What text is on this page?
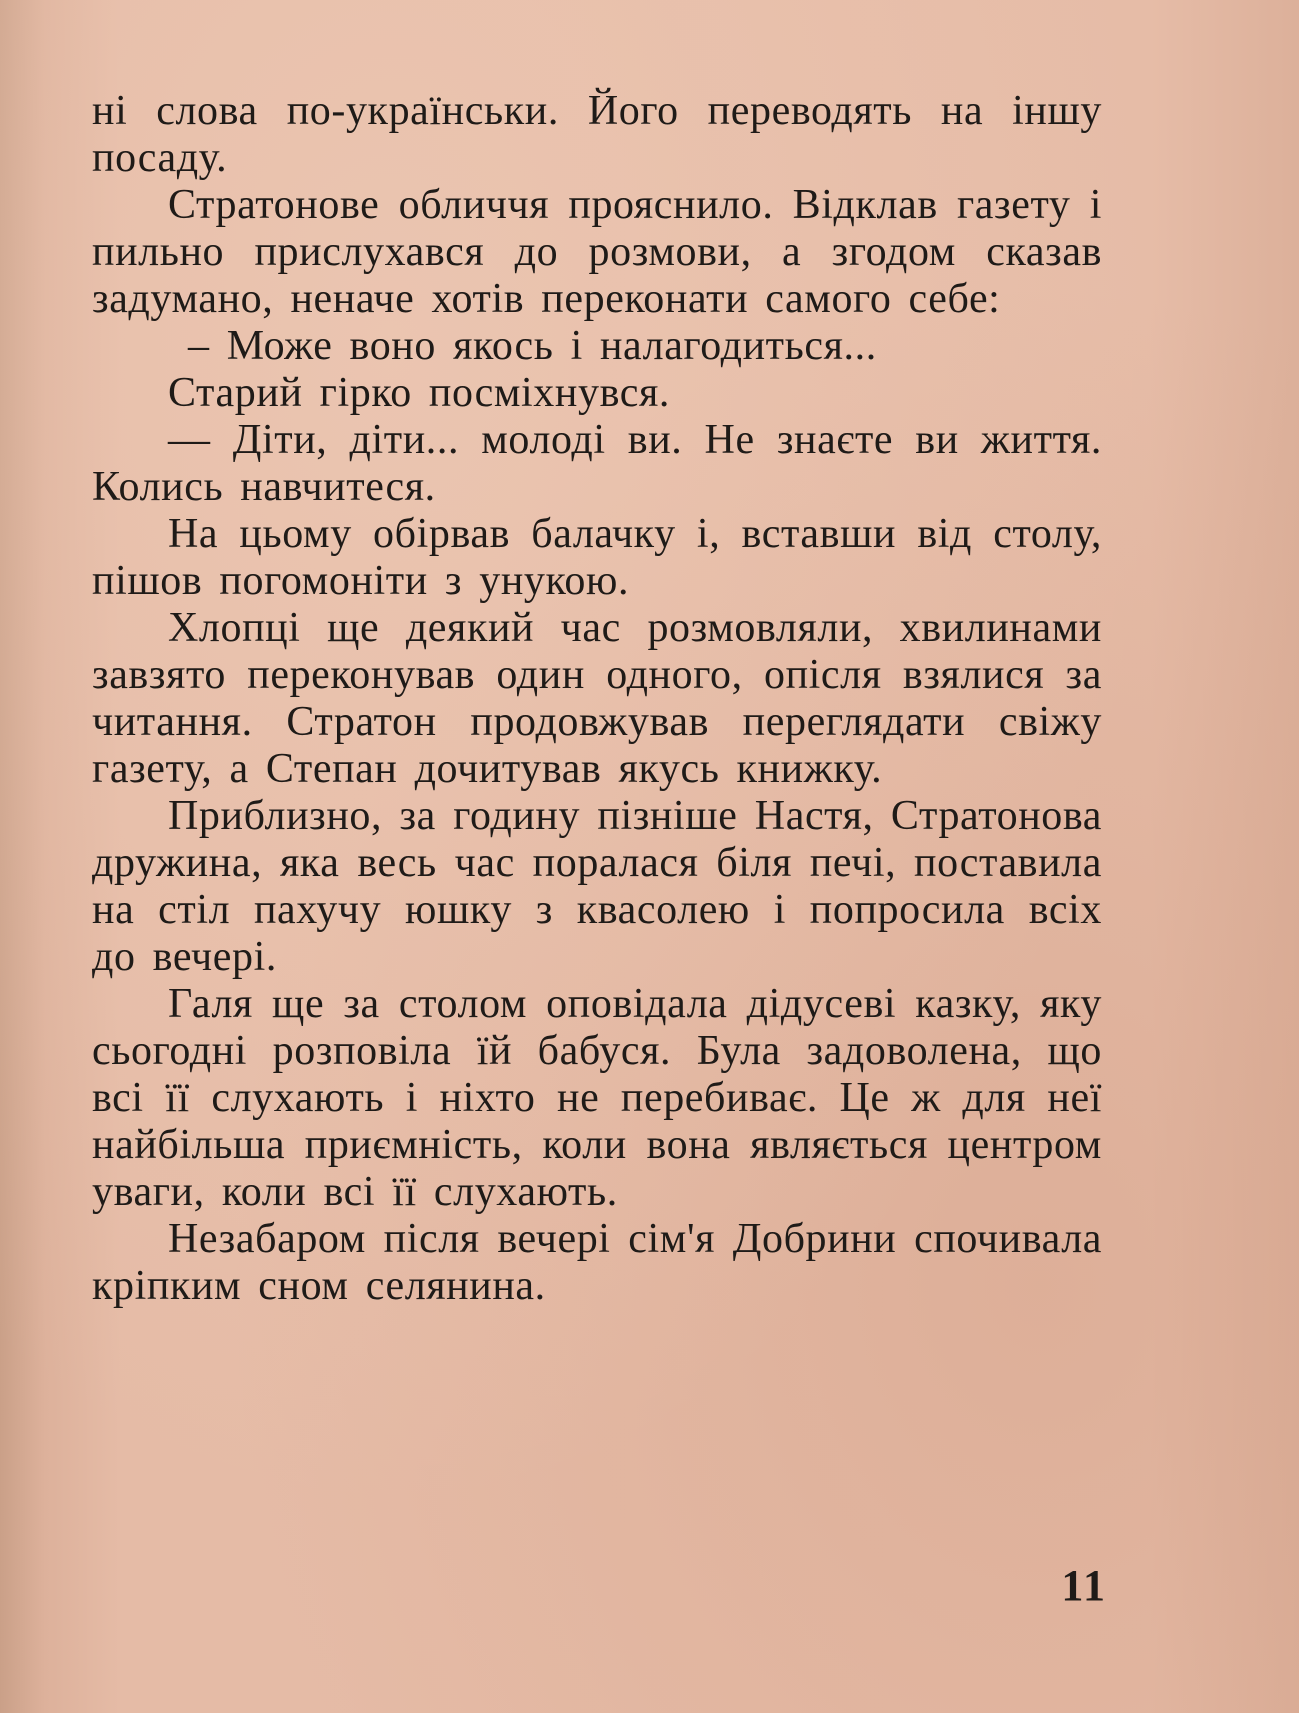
ні слова по-українськи. Його переводять на іншу посаду.

Стратонове обличчя прояснило. Відклав газету і пильно прислухався до розмови, а згодом сказав задумано, неначе хотів переконати самого себе:

– Може воно якось і налагодиться...

Старий гірко посміхнувся.

— Діти, діти... молоді ви. Не знаєте ви життя. Колись навчитеся.

На цьому обірвав балачку і, вставши від столу, пішов погомоніти з унукою.

Хлопці ще деякий час розмовляли, хвилинами завзято переконував один одного, опісля взялися за читання. Стратон продовжував переглядати свіжу газету, а Степан дочитував якусь книжку.

Приблизно, за годину пізніше Настя, Стратонова дружина, яка весь час поралася біля печі, поставила на стіл пахучу юшку з квасолею і попросила всіх до вечері.

Галя ще за столом оповідала дідусеві казку, яку сьогодні розповіла їй бабуся. Була задоволена, що всі її слухають і ніхто не перебиває. Це ж для неї найбільша приємність, коли вона являється центром уваги, коли всі її слухають.

Незабаром після вечері сім'я Добрини спочивала кріпким сном селянина.

11
